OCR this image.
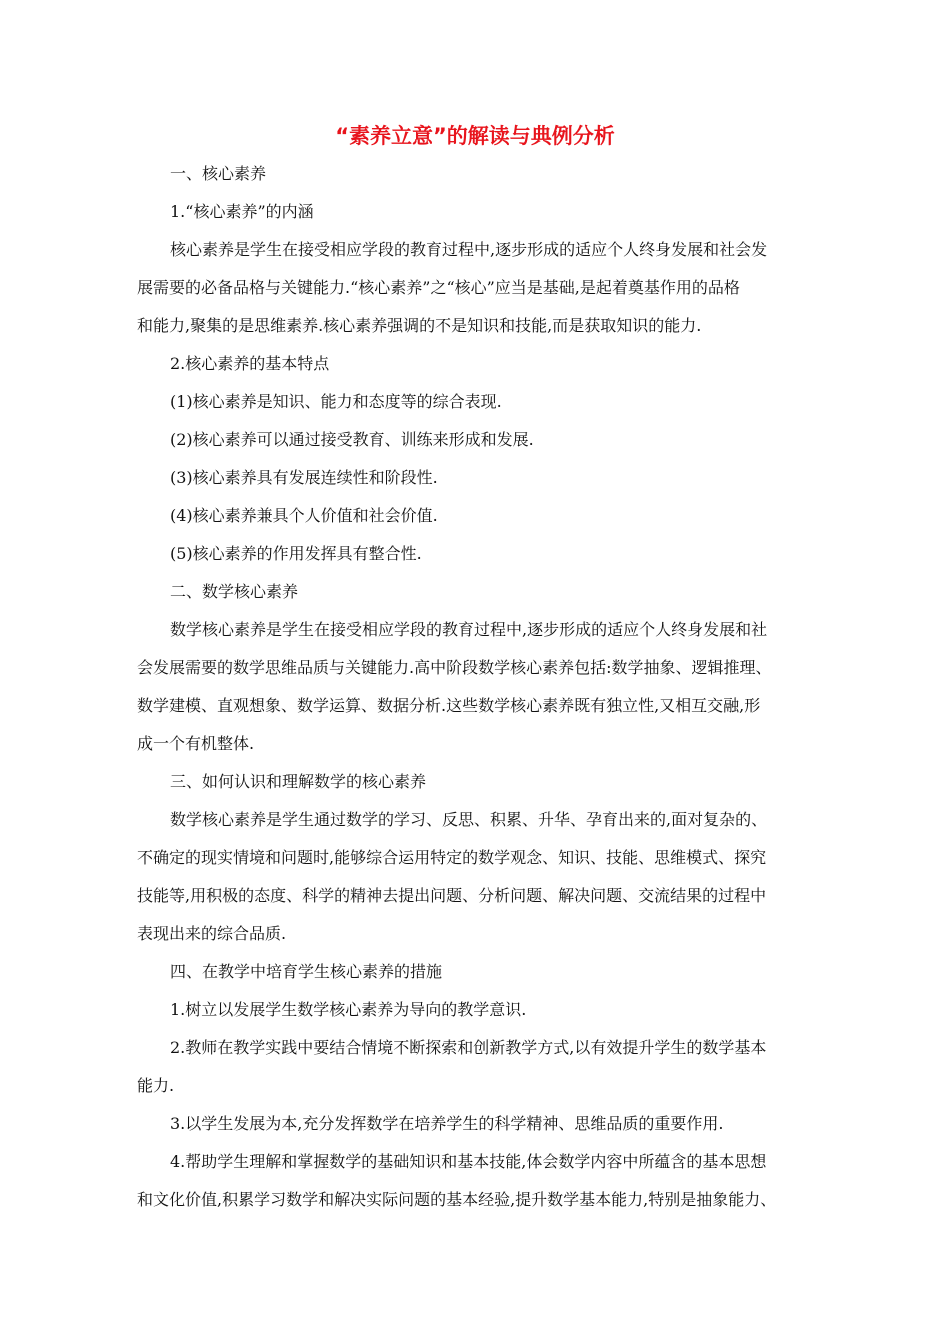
“素养立意”的解读与典例分析
一、核心素养
1.“核心素养”的内涵
核心素养是学生在接受相应学段的教育过程中,逐步形成的适应个人终身发展和社会发
展需要的必备品格与关键能力.“核心素养”之“核心”应当是基础,是起着奠基作用的品格
和能力,聚集的是思维素养.核心素养强调的不是知识和技能,而是获取知识的能力.
2.核心素养的基本特点
(1)核心素养是知识、能力和态度等的综合表现.
(2)核心素养可以通过接受教育、训练来形成和发展.
(3)核心素养具有发展连续性和阶段性.
(4)核心素养兼具个人价值和社会价值.
(5)核心素养的作用发挥具有整合性.
二、数学核心素养
数学核心素养是学生在接受相应学段的教育过程中,逐步形成的适应个人终身发展和社
会发展需要的数学思维品质与关键能力.高中阶段数学核心素养包括:数学抽象、逻辑推理、
数学建模、直观想象、数学运算、数据分析.这些数学核心素养既有独立性,又相互交融,形
成一个有机整体.
三、如何认识和理解数学的核心素养
数学核心素养是学生通过数学的学习、反思、积累、升华、孕育出来的,面对复杂的、
不确定的现实情境和问题时,能够综合运用特定的数学观念、知识、技能、思维模式、探究
技能等,用积极的态度、科学的精神去提出问题、分析问题、解决问题、交流结果的过程中
表现出来的综合品质.
四、在教学中培育学生核心素养的措施
1.树立以发展学生数学核心素养为导向的教学意识.
2.教师在教学实践中要结合情境不断探索和创新教学方式,以有效提升学生的数学基本
能力.
3.以学生发展为本,充分发挥数学在培养学生的科学精神、思维品质的重要作用.
4.帮助学生理解和掌握数学的基础知识和基本技能,体会数学内容中所蕴含的基本思想
和文化价值,积累学习数学和解决实际问题的基本经验,提升数学基本能力,特别是抽象能力、
